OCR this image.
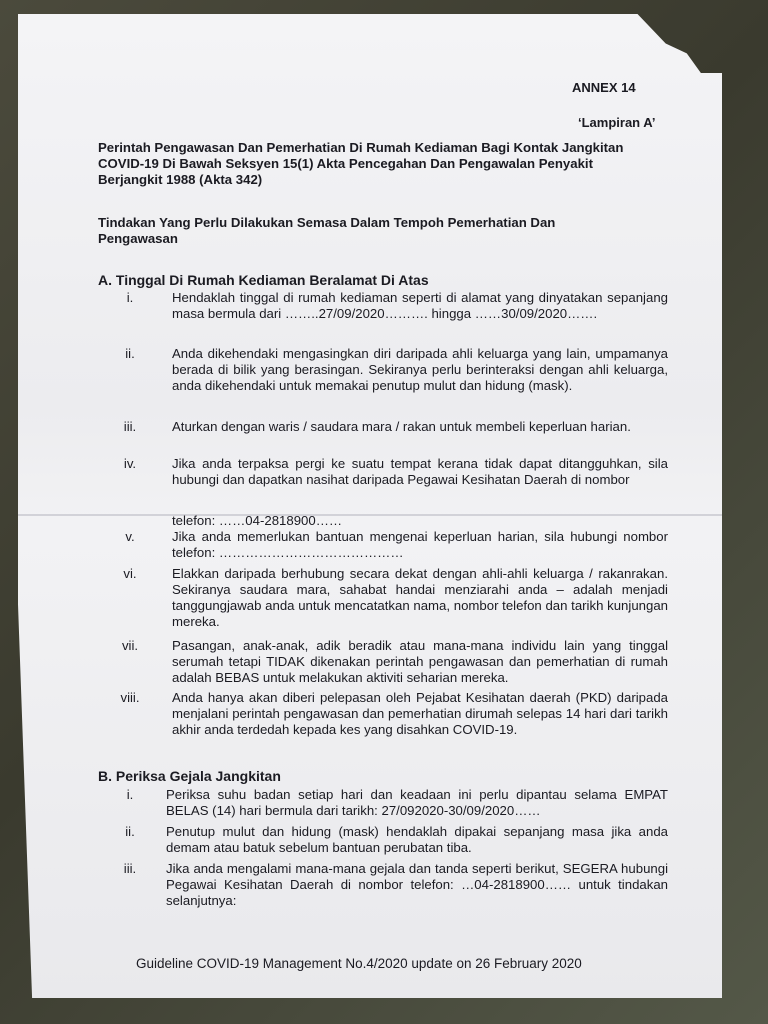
ANNEX 14
‘Lampiran A’
Perintah Pengawasan Dan Pemerhatian Di Rumah Kediaman Bagi Kontak Jangkitan COVID-19 Di Bawah Seksyen 15(1) Akta Pencegahan Dan Pengawalan Penyakit Berjangkit 1988 (Akta 342)
Tindakan Yang Perlu Dilakukan Semasa Dalam Tempoh Pemerhatian Dan Pengawasan
A. Tinggal Di Rumah Kediaman Beralamat Di Atas
i.	Hendaklah tinggal di rumah kediaman seperti di alamat yang dinyatakan sepanjang masa bermula dari ……..27/09/2020………. hingga ……30/09/2020…….
ii.	Anda dikehendaki mengasingkan diri daripada ahli keluarga yang lain, umpamanya berada di bilik yang berasingan. Sekiranya perlu berinteraksi dengan ahli keluarga, anda dikehendaki untuk memakai penutup mulut dan hidung (mask).
iii.	Aturkan dengan waris / saudara mara / rakan untuk membeli keperluan harian.
iv.	Jika anda terpaksa pergi ke suatu tempat kerana tidak dapat ditangguhkan, sila hubungi dan dapatkan nasihat daripada Pegawai Kesihatan Daerah di nombor
telefon: ……04-2818900……
v.	Jika anda memerlukan bantuan mengenai keperluan harian, sila hubungi nombor telefon: ……………………………………
vi.	Elakkan daripada berhubung secara dekat dengan ahli-ahli keluarga / rakanrakan. Sekiranya saudara mara, sahabat handai menziarahi anda – adalah menjadi tanggungjawab anda untuk mencatatkan nama, nombor telefon dan tarikh kunjungan mereka.
vii.	Pasangan, anak-anak, adik beradik atau mana-mana individu lain yang tinggal serumah tetapi TIDAK dikenakan perintah pengawasan dan pemerhatian di rumah adalah BEBAS untuk melakukan aktiviti seharian mereka.
viii.	Anda hanya akan diberi pelepasan oleh Pejabat Kesihatan daerah (PKD) daripada menjalani perintah pengawasan dan pemerhatian dirumah selepas 14 hari dari tarikh akhir anda terdedah kepada kes yang disahkan COVID-19.
B. Periksa Gejala Jangkitan
i.	Periksa suhu badan setiap hari dan keadaan ini perlu dipantau selama EMPAT BELAS (14) hari bermula dari tarikh: 27/092020-30/09/2020……
ii.	Penutup mulut dan hidung (mask) hendaklah dipakai sepanjang masa jika anda demam atau batuk sebelum bantuan perubatan tiba.
iii.	Jika anda mengalami mana-mana gejala dan tanda seperti berikut, SEGERA hubungi Pegawai Kesihatan Daerah di nombor telefon: …04-2818900…… untuk tindakan selanjutnya:
Guideline COVID-19 Management No.4/2020 update on 26 February 2020
